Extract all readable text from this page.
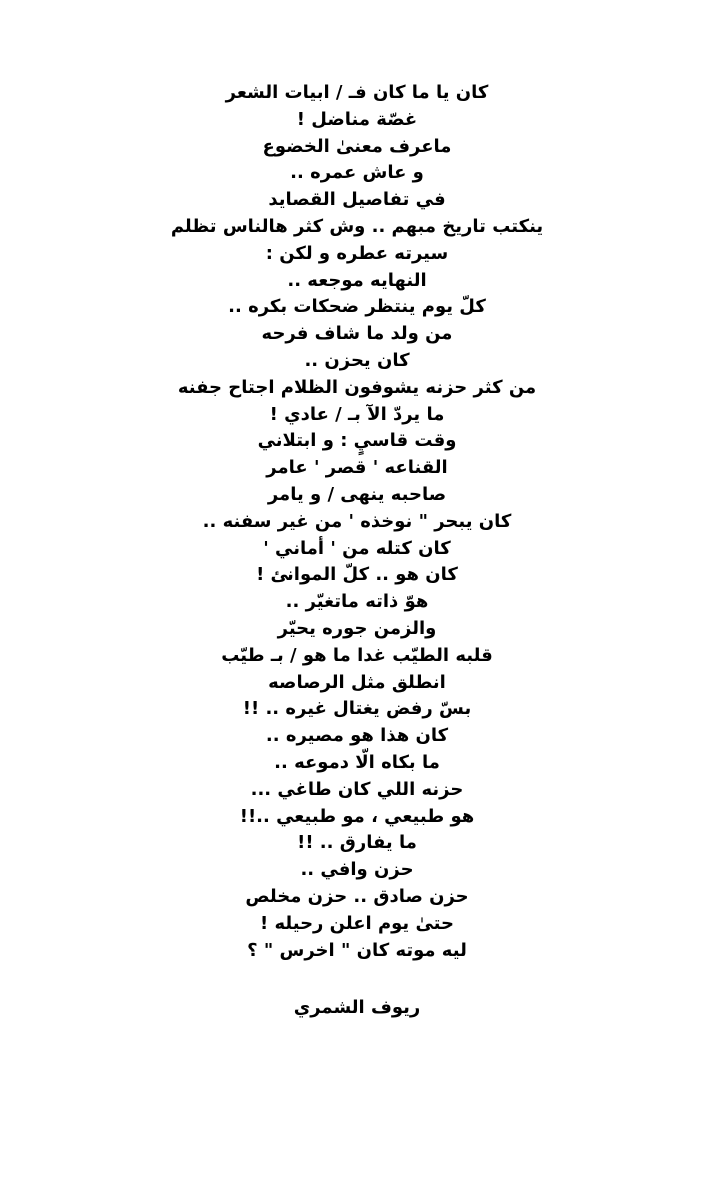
كان يا ما كان فـ / ابيات الشعر
غصّة مناضل !
ماعرف معنىٰ الخضوع
و عاش عمره ..
في تفاصيل القصايد
ينكتب تاريخ مبهم .. وش كثر هالناس تظلم
سيرته عطره و لكن :
النهايه موجعه ..
كلّ يوم ينتظر ضحكات بكره ..
من ولد ما شاف فرحه
كان يحزن ..
من كثر حزنه يشوفون الظلام اجتاح جفنه
ما يردّ الآ بـ / عادي !
وقت قاسيٍ : و ابتلاني
القناعه ' قصر ' عامر
صاحبه ينهى / و يامر
كان يبحر " نوخذه ' من غير سفنه ..
كان كتله من ' أماني '
كان هو .. كلّ الموانئ !
هوّ ذاته ماتغيّر ..
والزمن جوره يحيّر
قلبه الطيّب غدا ما هو / بـ طيّب
انطلق مثل الرصاصه
بسّ رفض يغتال غيره .. !!
كان هذا هو مصيره ..
ما بكاه الّا دموعه ..
حزنه اللي كان طاغي ...
هو طبيعي ، مو طبيعي ..!!
ما يفارق .. !!
حزن وافي ..
حزن صادق .. حزن مخلص
حتىٰ يوم اعلن رحيله !
ليه موته كان " اخرس " ؟

ريوف الشمري
